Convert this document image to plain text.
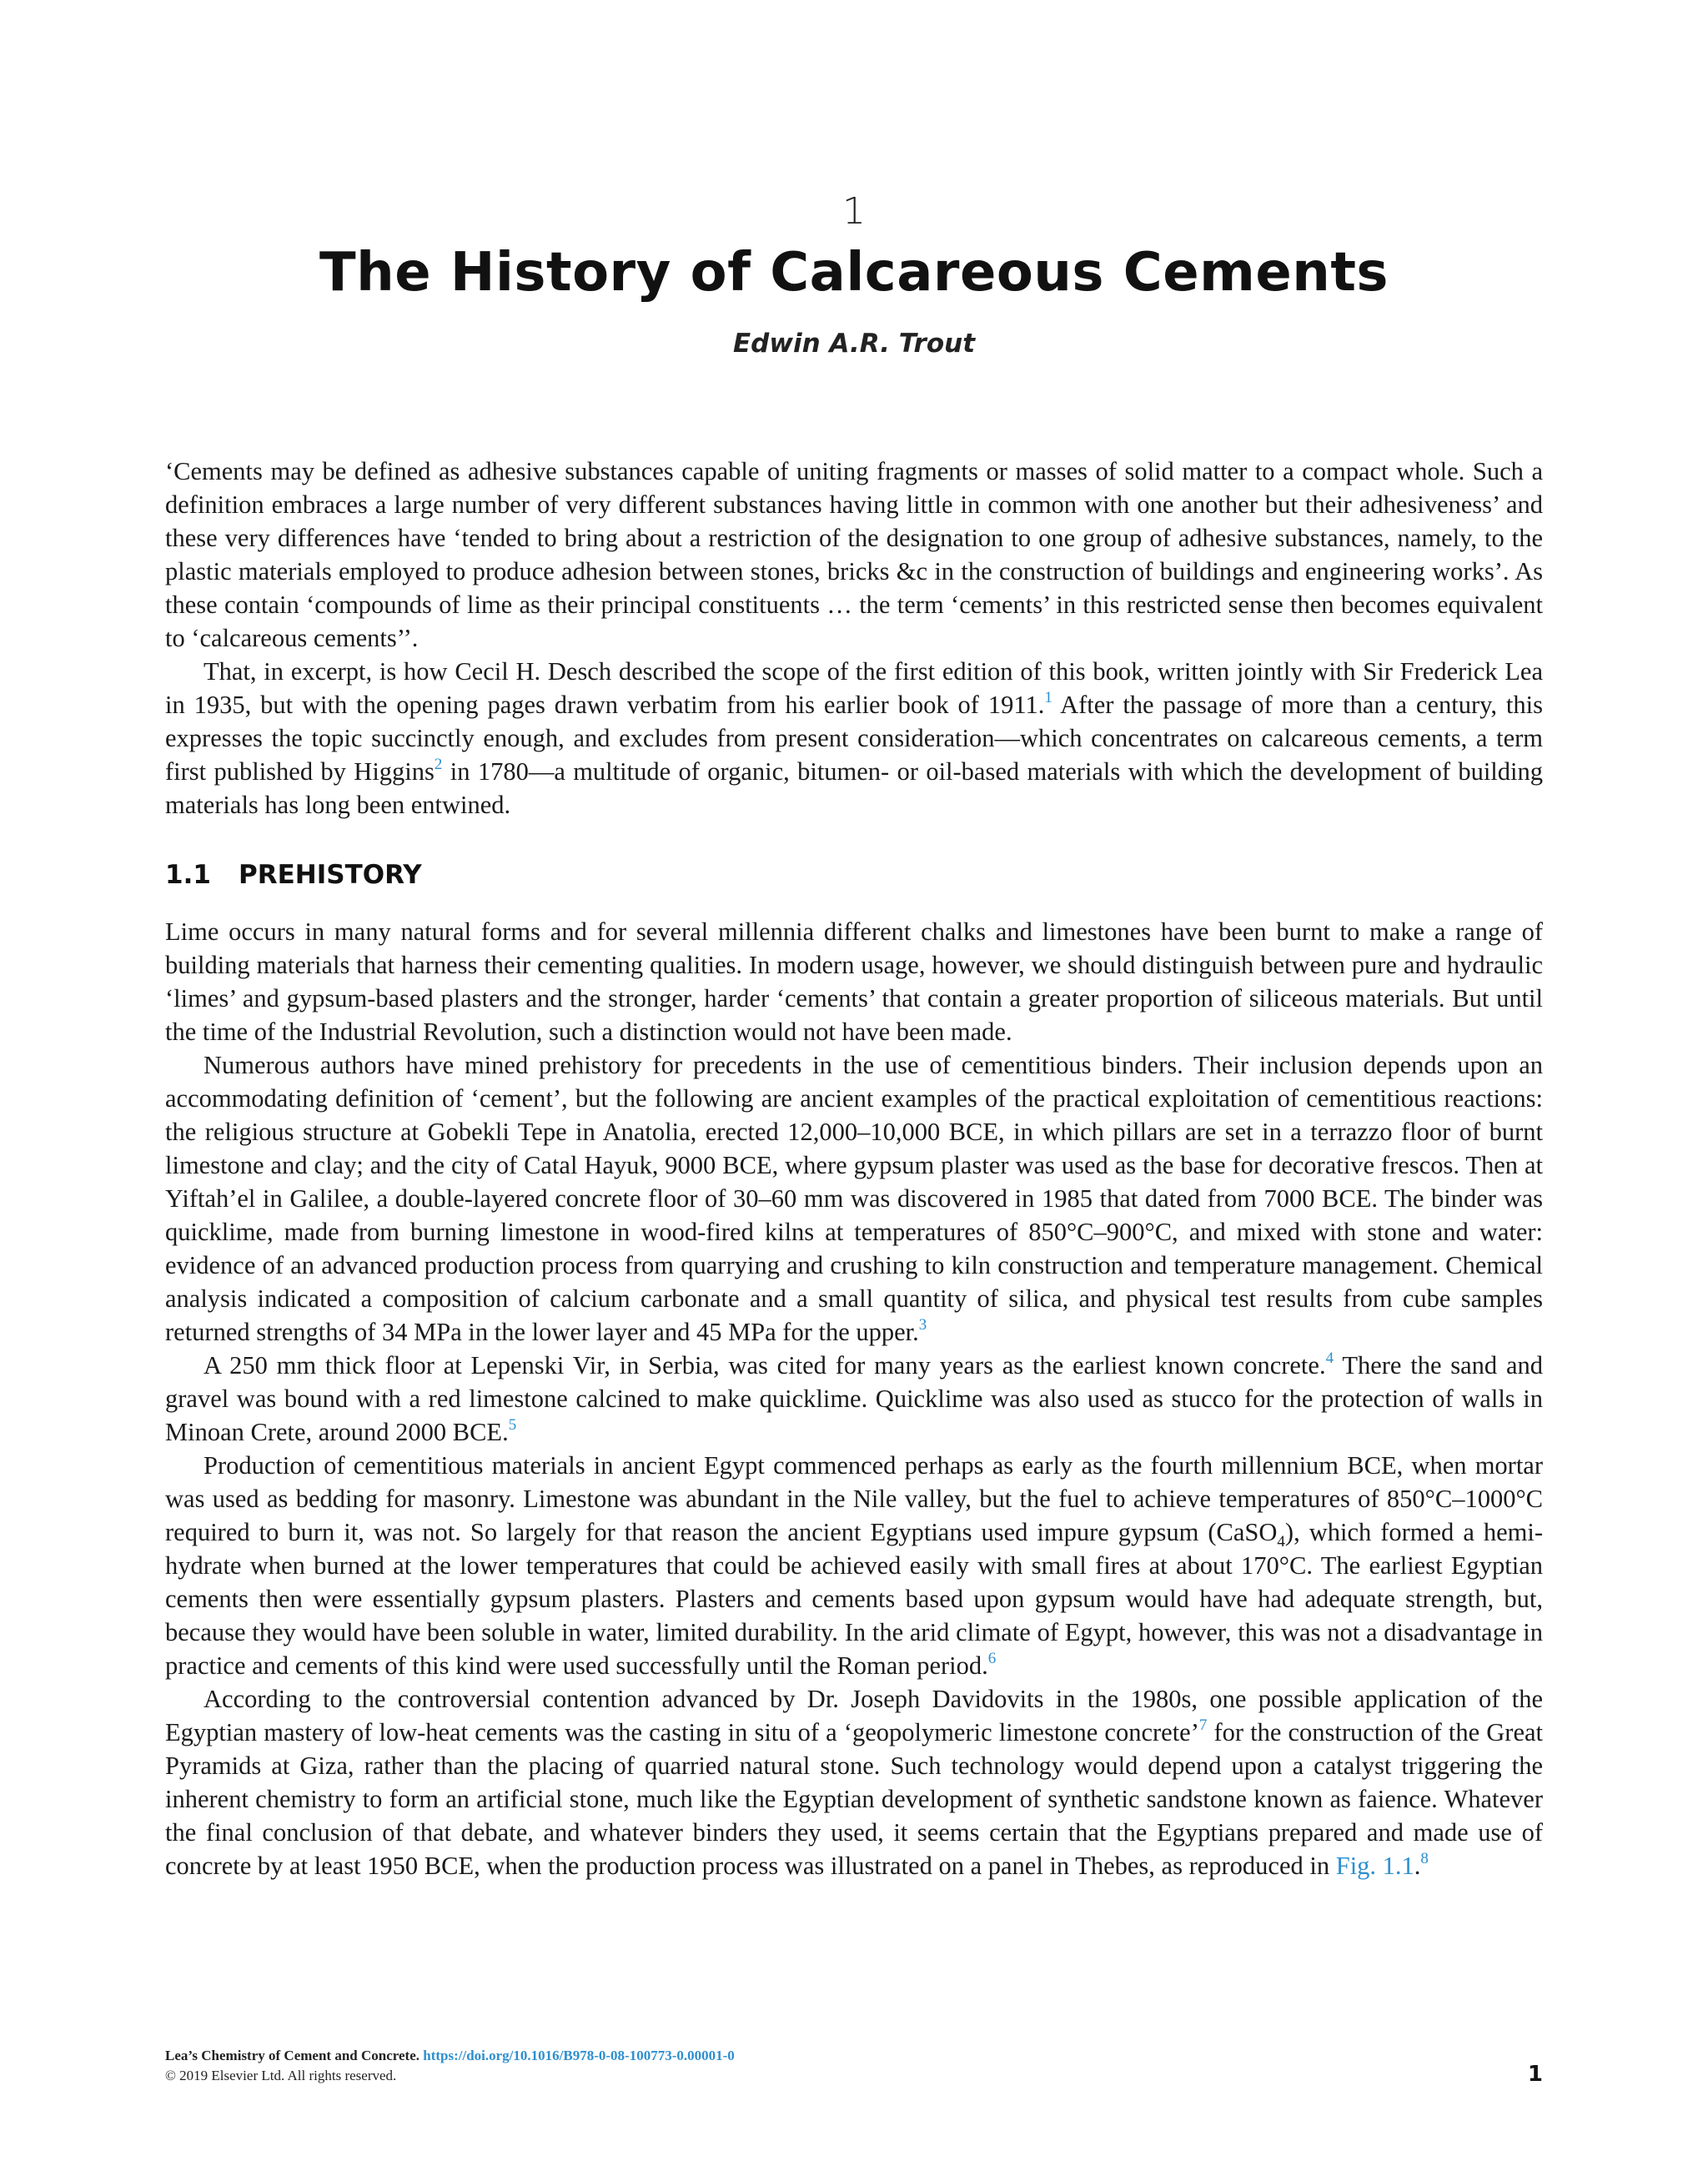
1
The History of Calcareous Cements
Edwin A.R. Trout

‘Cements may be defined as adhesive substances capable of uniting fragments or masses of solid matter to a compact whole. Such a definition embraces a large number of very different substances having little in common with one another but their adhesiveness’ and these very differences have ‘tended to bring about a restriction of the designation to one group of adhesive substances, namely, to the plastic materials employed to produce adhesion between stones, bricks &c in the construction of buildings and engineering works’. As these contain ‘compounds of lime as their principal constituents … the term ‘cements’ in this restricted sense then becomes equivalent to ‘calcareous cements’’.

That, in excerpt, is how Cecil H. Desch described the scope of the first edition of this book, written jointly with Sir Frederick Lea in 1935, but with the opening pages drawn verbatim from his earlier book of 1911.$^1$ After the passage of more than a century, this expresses the topic succinctly enough, and excludes from present consideration—which concentrates on calcareous cements, a term first published by Higgins$^2$ in 1780—a multitude of organic, bitumen- or oil-based materials with which the development of building materials has long been entwined.

1.1 PREHISTORY

Lime occurs in many natural forms and for several millennia different chalks and limestones have been burnt to make a range of building materials that harness their cementing qualities. In modern usage, however, we should distinguish between pure and hydraulic ‘limes’ and gypsum-based plasters and the stronger, harder ‘cements’ that contain a greater proportion of siliceous materials. But until the time of the Industrial Revolution, such a distinction would not have been made.

Numerous authors have mined prehistory for precedents in the use of cementitious binders. Their inclusion depends upon an accommodating definition of ‘cement’, but the following are ancient examples of the practical exploitation of cementitious reactions: the religious structure at Gobekli Tepe in Anatolia, erected 12,000–10,000 BCE, in which pillars are set in a terrazzo floor of burnt limestone and clay; and the city of Catal Hayuk, 9000 BCE, where gypsum plaster was used as the base for decorative frescos. Then at Yiftah’el in Galilee, a double-layered concrete floor of 30–60 mm was discovered in 1985 that dated from 7000 BCE. The binder was quicklime, made from burning limestone in wood-fired kilns at temperatures of 850°C–900°C, and mixed with stone and water: evidence of an advanced production process from quarrying and crushing to kiln construction and temperature management. Chemical analysis indicated a composition of calcium carbonate and a small quantity of silica, and physical test results from cube samples returned strengths of 34 MPa in the lower layer and 45 MPa for the upper.$^3$

A 250 mm thick floor at Lepenski Vir, in Serbia, was cited for many years as the earliest known concrete.$^4$ There the sand and gravel was bound with a red limestone calcined to make quicklime. Quicklime was also used as stucco for the protection of walls in Minoan Crete, around 2000 BCE.$^5$

Production of cementitious materials in ancient Egypt commenced perhaps as early as the fourth millennium BCE, when mortar was used as bedding for masonry. Limestone was abundant in the Nile valley, but the fuel to achieve temperatures of 850°C–1000°C required to burn it, was not. So largely for that reason the ancient Egyptians used impure gypsum (CaSO$_4$), which formed a hemi-hydrate when burned at the lower temperatures that could be achieved easily with small fires at about 170°C. The earliest Egyptian cements then were essentially gypsum plasters. Plasters and cements based upon gypsum would have had adequate strength, but, because they would have been soluble in water, limited durability. In the arid climate of Egypt, however, this was not a disadvantage in practice and cements of this kind were used successfully until the Roman period.$^6$

According to the controversial contention advanced by Dr. Joseph Davidovits in the 1980s, one possible application of the Egyptian mastery of low-heat cements was the casting in situ of a ‘geopolymeric limestone concrete’$^7$ for the construction of the Great Pyramids at Giza, rather than the placing of quarried natural stone. Such technology would depend upon a catalyst triggering the inherent chemistry to form an artificial stone, much like the Egyptian development of synthetic sandstone known as faience. Whatever the final conclusion of that debate, and whatever binders they used, it seems certain that the Egyptians prepared and made use of concrete by at least 1950 BCE, when the production process was illustrated on a panel in Thebes, as reproduced in Fig. 1.1.$^8$

Lea’s Chemistry of Cement and Concrete. https://doi.org/10.1016/B978-0-08-100773-0.00001-0
© 2019 Elsevier Ltd. All rights reserved.	1
